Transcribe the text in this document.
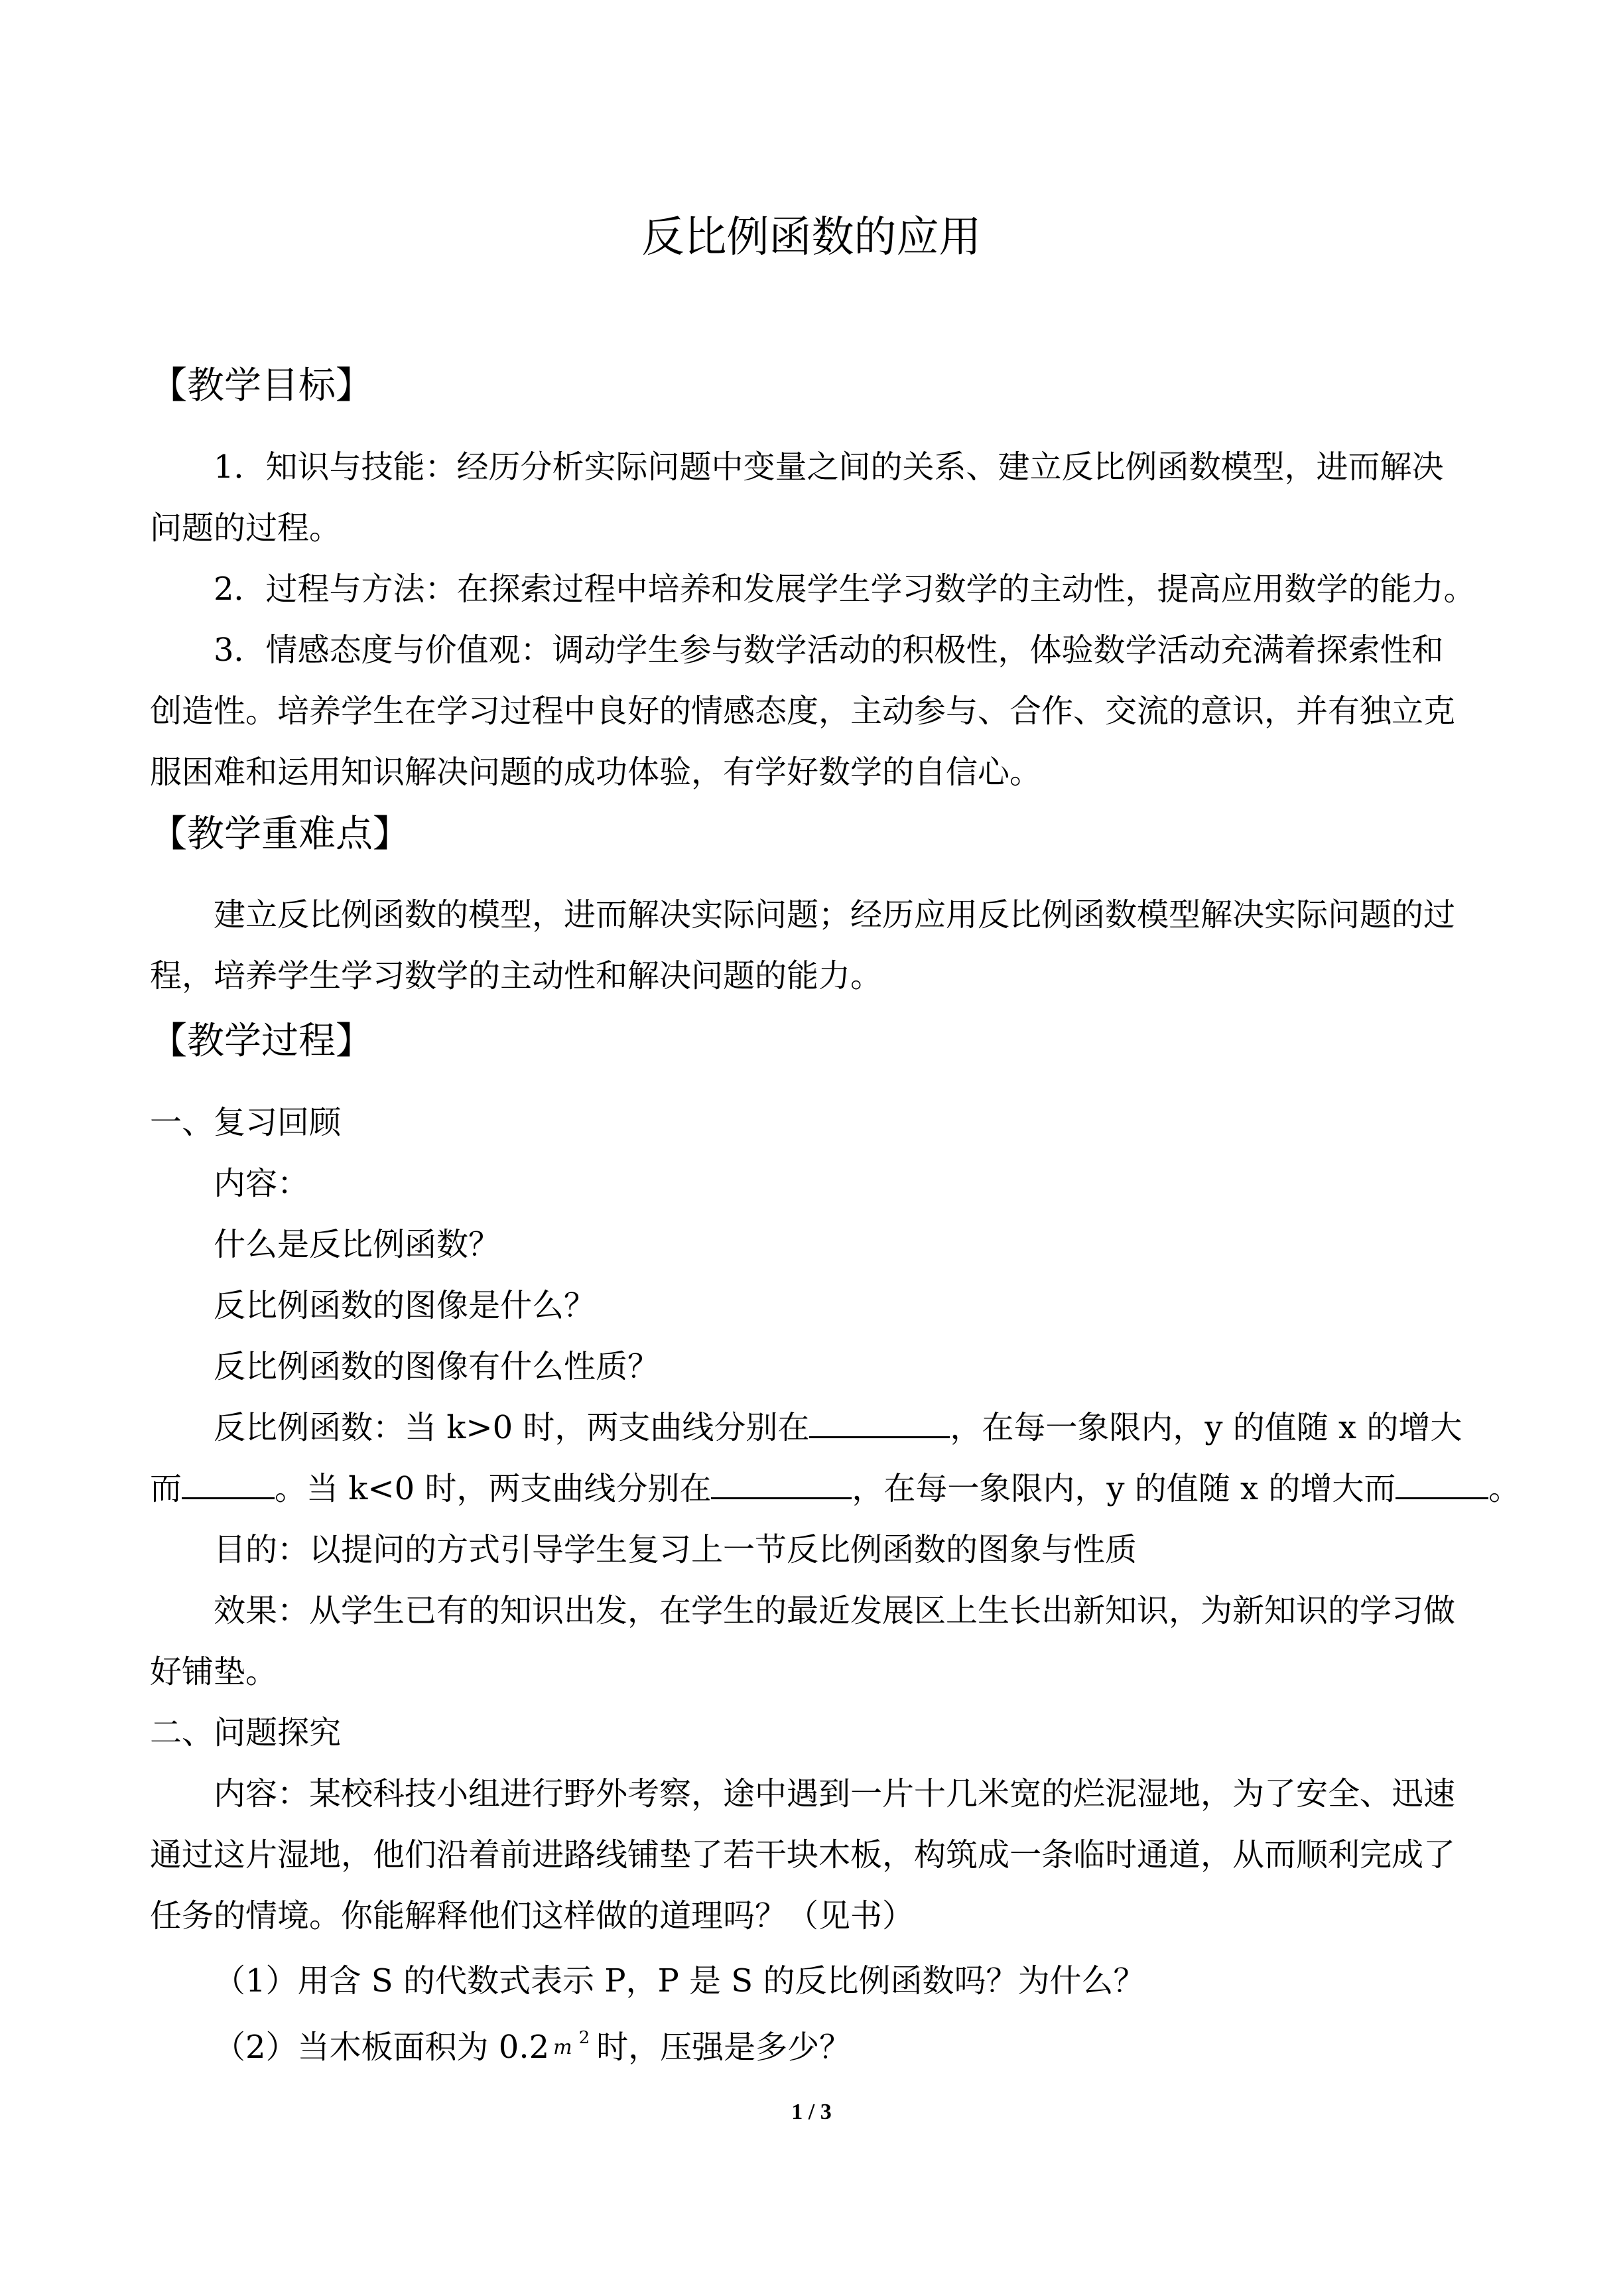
反比例函数的应用
【教学目标】
1．知识与技能：经历分析实际问题中变量之间的关系、建立反比例函数模型，进而解决
问题的过程。
2．过程与方法：在探索过程中培养和发展学生学习数学的主动性，提高应用数学的能力。
3．情感态度与价值观：调动学生参与数学活动的积极性，体验数学活动充满着探索性和
创造性。培养学生在学习过程中良好的情感态度，主动参与、合作、交流的意识，并有独立克
服困难和运用知识解决问题的成功体验，有学好数学的自信心。
【教学重难点】
建立反比例函数的模型，进而解决实际问题；经历应用反比例函数模型解决实际问题的过
程，培养学生学习数学的主动性和解决问题的能力。
【教学过程】
一、复习回顾
内容：
什么是反比例函数？
反比例函数的图像是什么？
反比例函数的图像有什么性质？
反比例函数：当 k>0 时，两支曲线分别在	，在每一象限内，y 的值随 x 的增大
而	。当 k<0 时，两支曲线分别在	，在每一象限内，y 的值随 x 的增大而	。
目的：以提问的方式引导学生复习上一节反比例函数的图象与性质
效果：从学生已有的知识出发，在学生的最近发展区上生长出新知识，为新知识的学习做
好铺垫。
二、问题探究
内容：某校科技小组进行野外考察，途中遇到一片十几米宽的烂泥湿地，为了安全、迅速
通过这片湿地，他们沿着前进路线铺垫了若干块木板，构筑成一条临时通道，从而顺利完成了
任务的情境。你能解释他们这样做的道理吗？（见书）
（1）用含 S 的代数式表示 P，P 是 S 的反比例函数吗？为什么？
（2）当木板面积为 0.2 m $^2$ 时，压强是多少？
1 / 3
